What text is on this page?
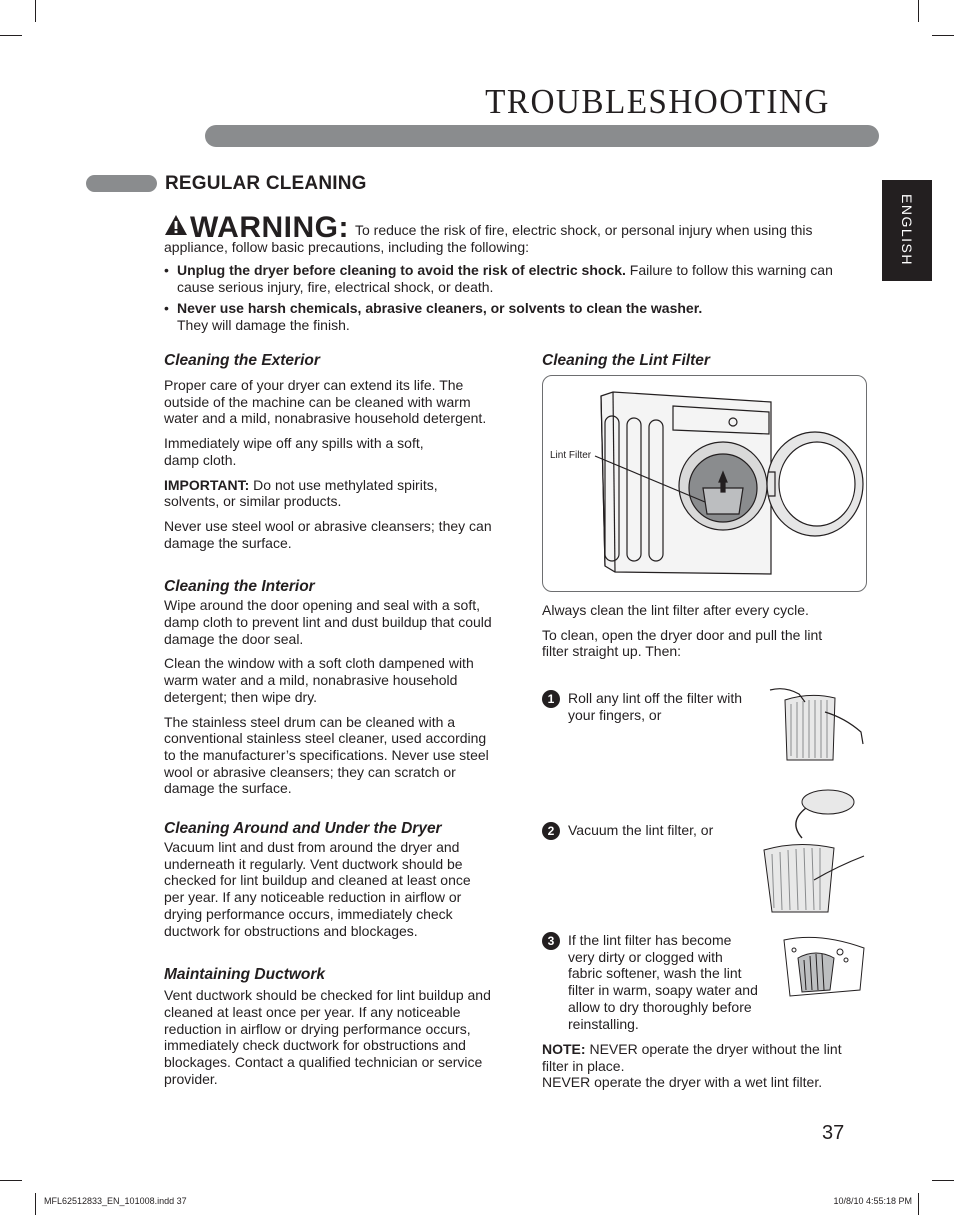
TROUBLESHOOTING
ENGLISH
REGULAR CLEANING
WARNING: To reduce the risk of fire, electric shock, or personal injury when using this appliance, follow basic precautions, including the following:
• Unplug the dryer before cleaning to avoid the risk of electric shock. Failure to follow this warning can cause serious injury, fire, electrical shock, or death.
• Never use harsh chemicals, abrasive cleaners, or solvents to clean the washer.
They will damage the finish.
Cleaning the Exterior

Proper care of your dryer can extend its life. The outside of the machine can be cleaned with warm water and a mild, nonabrasive household detergent.

Immediately wipe off any spills with a soft, damp cloth.

IMPORTANT: Do not use methylated spirits, solvents, or similar products.

Never use steel wool or abrasive cleansers; they can damage the surface.

Cleaning the Interior

Wipe around the door opening and seal with a soft, damp cloth to prevent lint and dust buildup that could damage the door seal.

Clean the window with a soft cloth dampened with warm water and a mild, nonabrasive household detergent; then wipe dry.

The stainless steel drum can be cleaned with a conventional stainless steel cleaner, used according to the manufacturer’s specifications. Never use steel wool or abrasive cleansers; they can scratch or damage the surface.

Cleaning Around and Under the Dryer

Vacuum lint and dust from around the dryer and underneath it regularly. Vent ductwork should be checked for lint buildup and cleaned at least once per year. If any noticeable reduction in airflow or drying performance occurs, immediately check ductwork for obstructions and blockages.

Maintaining Ductwork

Vent ductwork should be checked for lint buildup and cleaned at least once per year. If any noticeable reduction in airflow or drying performance occurs, immediately check ductwork for obstructions and blockages. Contact a qualified technician or service provider.

Cleaning the Lint Filter
Lint Filter

Always clean the lint filter after every cycle.

To clean, open the dryer door and pull the lint filter straight up. Then:

1 Roll any lint off the filter with your fingers, or
2 Vacuum the lint filter, or
3 If the lint filter has become very dirty or clogged with fabric softener, wash the lint filter in warm, soapy water and allow to dry thoroughly before reinstalling.

NOTE: NEVER operate the dryer without the lint filter in place.

NEVER operate the dryer with a wet lint filter.

37
MFL62512833_EN_101008.indd 37	10/8/10 4:55:18 PM
